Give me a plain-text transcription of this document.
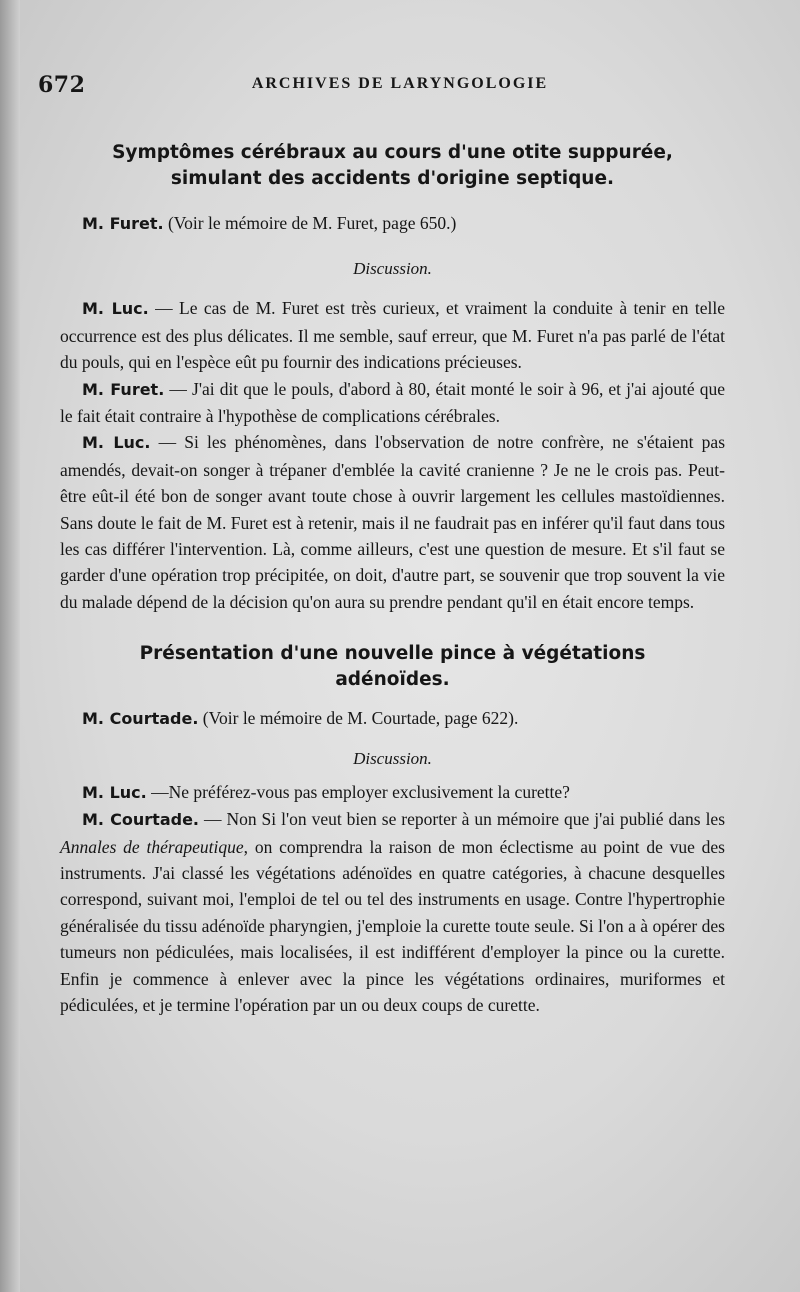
672	ARCHIVES DE LARYNGOLOGIE
Symptômes cérébraux au cours d'une otite suppurée,
simulant des accidents d'origine septique.

M. Furet. (Voir le mémoire de M. Furet, page 650.)

Discussion.

M. Luc. — Le cas de M. Furet est très curieux, et vraiment la conduite à tenir en telle occurrence est des plus délicates. Il me semble, sauf erreur, que M. Furet n'a pas parlé de l'état du pouls, qui en l'espèce eût pu fournir des indications précieuses.

M. Furet. — J'ai dit que le pouls, d'abord à 80, était monté le soir à 96, et j'ai ajouté que le fait était contraire à l'hypothèse de complications cérébrales.

M. Luc. — Si les phénomènes, dans l'observation de notre confrère, ne s'étaient pas amendés, devait-on songer à trépaner d'emblée la cavité cranienne ? Je ne le crois pas. Peut-être eût-il été bon de songer avant toute chose à ouvrir largement les cellules mastoïdiennes. Sans doute le fait de M. Furet est à retenir, mais il ne faudrait pas en inférer qu'il faut dans tous les cas différer l'intervention. Là, comme ailleurs, c'est une question de mesure. Et s'il faut se garder d'une opération trop précipitée, on doit, d'autre part, se souvenir que trop souvent la vie du malade dépend de la décision qu'on aura su prendre pendant qu'il en était encore temps.

Présentation d'une nouvelle pince à végétations
adénoïdes.

M. Courtade. (Voir le mémoire de M. Courtade, page 622).

Discussion.

M. Luc. —Ne préférez-vous pas employer exclusivement la curette?

M. Courtade. — Non Si l'on veut bien se reporter à un mémoire que j'ai publié dans les Annales de thérapeutique, on comprendra la raison de mon éclectisme au point de vue des instruments. J'ai classé les végétations adénoïdes en quatre catégories, à chacune desquelles correspond, suivant moi, l'emploi de tel ou tel des instruments en usage. Contre l'hypertrophie généralisée du tissu adénoïde pharyngien, j'emploie la curette toute seule. Si l'on a à opérer des tumeurs non pédiculées, mais localisées, il est indifférent d'employer la pince ou la curette. Enfin je commence à enlever avec la pince les végétations ordinaires, muriformes et pédiculées, et je termine l'opération par un ou deux coups de curette.
